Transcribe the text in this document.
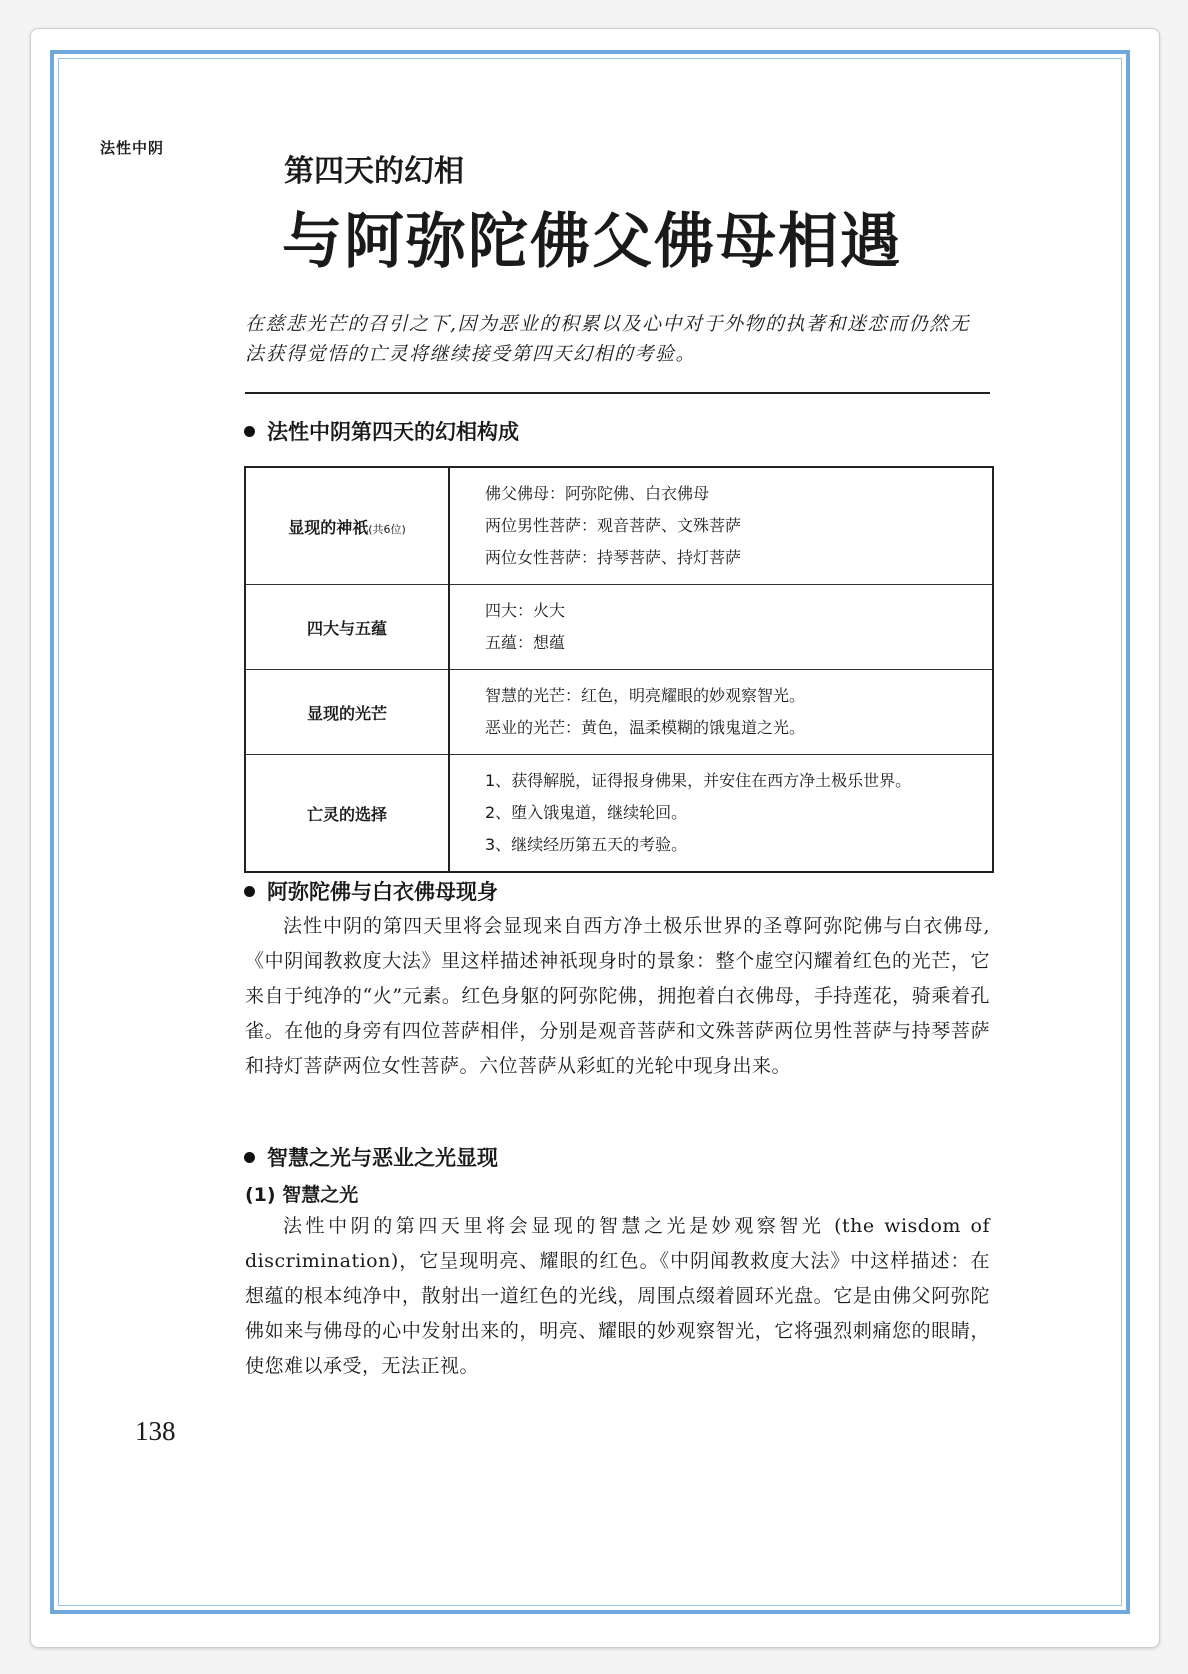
法性中阴
第四天的幻相
与阿弥陀佛父佛母相遇
在慈悲光芒的召引之下,因为恶业的积累以及心中对于外物的执著和迷恋而仍然无法获得觉悟的亡灵将继续接受第四天幻相的考验。
法性中阴第四天的幻相构成
显现的神祇(共6位)	佛父佛母：阿弥陀佛、白衣佛母
两位男性菩萨：观音菩萨、文殊菩萨
两位女性菩萨：持琴菩萨、持灯菩萨

四大与五蕴	四大：火大
五蕴：想蕴

显现的光芒	智慧的光芒：红色，明亮耀眼的妙观察智光。
恶业的光芒：黄色，温柔模糊的饿鬼道之光。

亡灵的选择	1、获得解脱，证得报身佛果，并安住在西方净土极乐世界。
2、堕入饿鬼道，继续轮回。
3、继续经历第五天的考验。
阿弥陀佛与白衣佛母现身
法性中阴的第四天里将会显现来自西方净土极乐世界的圣尊阿弥陀佛与白衣佛母,《中阴闻教救度大法》里这样描述神祇现身时的景象：整个虚空闪耀着红色的光芒，它来自于纯净的“火”元素。红色身躯的阿弥陀佛，拥抱着白衣佛母，手持莲花，骑乘着孔雀。在他的身旁有四位菩萨相伴，分别是观音菩萨和文殊菩萨两位男性菩萨与持琴菩萨和持灯菩萨两位女性菩萨。六位菩萨从彩虹的光轮中现身出来。
智慧之光与恶业之光显现
(1) 智慧之光
法性中阴的第四天里将会显现的智慧之光是妙观察智光 (the wisdom of discrimination)，它呈现明亮、耀眼的红色。《中阴闻教救度大法》中这样描述：在想蕴的根本纯净中，散射出一道红色的光线，周围点缀着圆环光盘。它是由佛父阿弥陀佛如来与佛母的心中发射出来的，明亮、耀眼的妙观察智光，它将强烈刺痛您的眼睛，使您难以承受，无法正视。
138
